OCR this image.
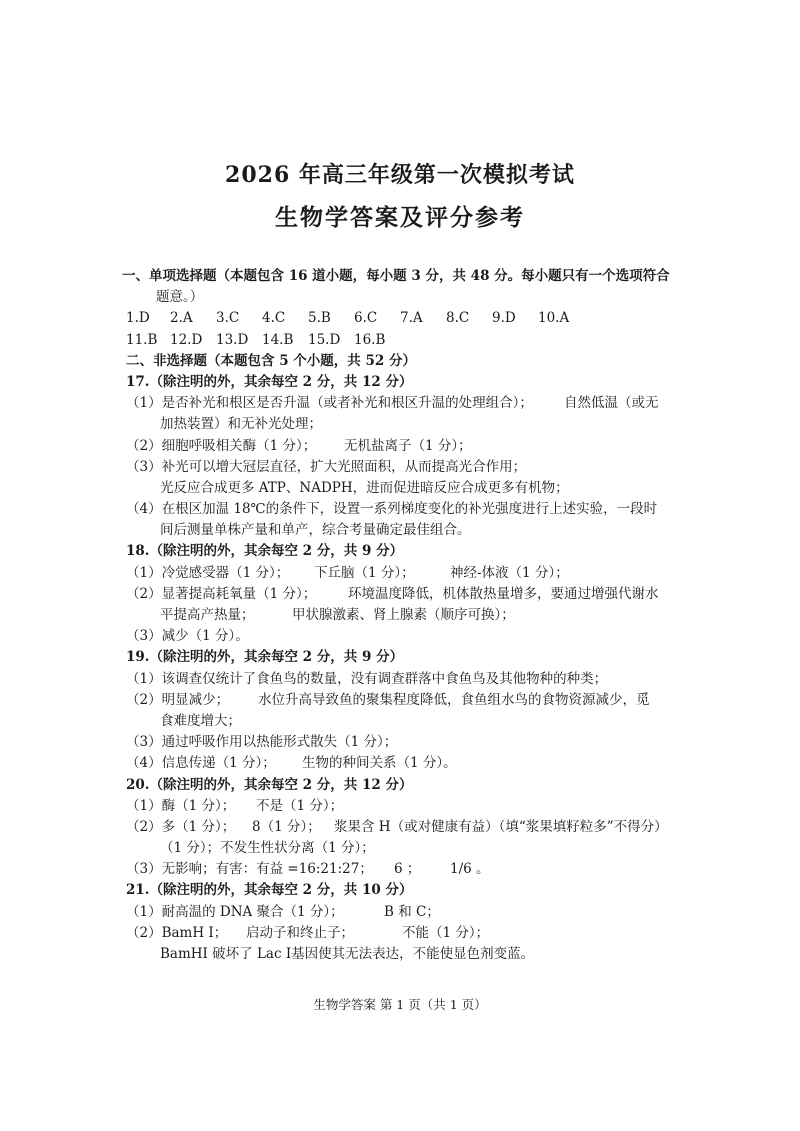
2026 年高三年级第一次模拟考试
生物学答案及评分参考
一、单项选择题（本题包含 16 道小题，每小题 3 分，共 48 分。每小题只有一个选项符合
题意。）
1.D 2.A 3.C 4.C 5.B 6.C 7.A 8.C 9.D 10.A
11.B 12.D 13.D 14.B 15.D 16.B
二、非选择题（本题包含 5 个小题，共 52 分）
17.（除注明的外，其余每空 2 分，共 12 分）
（1）是否补光和根区是否升温（或者补光和根区升温的处理组合）； 自然低温（或无
加热装置）和无补光处理；
（2）细胞呼吸相关酶（1 分）； 无机盐离子（1 分）；
（3）补光可以增大冠层直径，扩大光照面积，从而提高光合作用；
光反应合成更多 ATP、NADPH，进而促进暗反应合成更多有机物；
（4）在根区加温 18℃的条件下，设置一系列梯度变化的补光强度进行上述实验，一段时
间后测量单株产量和单产，综合考量确定最佳组合。
18.（除注明的外，其余每空 2 分，共 9 分）
（1）冷觉感受器（1 分）； 下丘脑（1 分）；	神经-体液（1 分）；
（2）显著提高耗氧量（1 分）； 环境温度降低，机体散热量增多，要通过增强代谢水
平提高产热量；	甲状腺激素、肾上腺素（顺序可换）；
（3）减少（1 分）。
19.（除注明的外，其余每空 2 分，共 9 分）
（1）该调查仅统计了食鱼鸟的数量，没有调查群落中食鱼鸟及其他物种的种类；
（2）明显减少； 水位升高导致鱼的聚集程度降低，食鱼组水鸟的食物资源减少，觅
食难度增大；
（3）通过呼吸作用以热能形式散失（1 分）；
（4）信息传递（1 分）； 生物的种间关系（1 分）。
20.（除注明的外，其余每空 2 分，共 12 分）
（1）酶（1 分）； 不是（1 分）；
（2）多（1 分）； 8（1 分）； 浆果含 H（或对健康有益）（填“浆果填籽粒多”不得分）
（1 分）；不发生性状分离（1 分）；
（3）无影响；有害：有益 =16:21:27； 6 ； 1/6 。
21.（除注明的外，其余每空 2 分，共 10 分）
（1）耐高温的 DNA 聚合（1 分）；	B 和 C；
（2）BamH Ⅰ； 启动子和终止子；	不能（1 分）；
BamHI 破坏了 Lac Ⅰ基因使其无法表达，不能使显色剂变蓝。
生物学答案 第 1 页（共 1 页）
